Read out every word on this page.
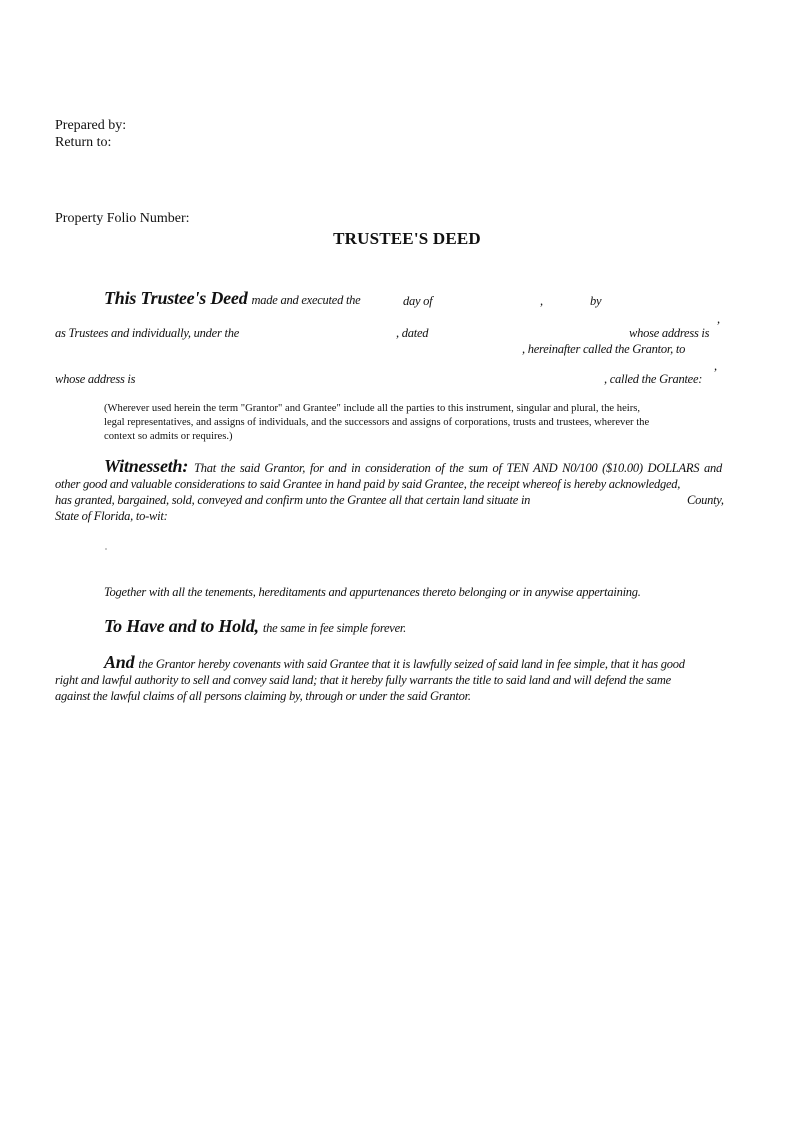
Prepared by:
Return to:
Property Folio Number:
TRUSTEE'S DEED
This Trustee's Deed made and executed the	day of	,	by
,
as Trustees and individually, under the	, dated	whose address is
, hereinafter called the Grantor, to
,
whose address is	, called the Grantee:
(Wherever used herein the term "Grantor" and Grantee" include all the parties to this instrument, singular and plural, the heirs,
legal representatives, and assigns of individuals, and the successors and assigns of corporations, trusts and trustees, wherever the
context so admits or requires.)
Witnesseth: That the said Grantor, for and in consideration of the sum of TEN AND N0/100 ($10.00) DOLLARS and
other good and valuable considerations to said Grantee in hand paid by said Grantee, the receipt whereof is hereby acknowledged,
has granted, bargained, sold, conveyed and confirm unto the Grantee all that certain land situate in	County,
State of Florida, to-wit:
Together with all the tenements, hereditaments and appurtenances thereto belonging or in anywise appertaining.
To Have and to Hold, the same in fee simple forever.
And the Grantor hereby covenants with said Grantee that it is lawfully seized of said land in fee simple, that it has good
right and lawful authority to sell and convey said land; that it hereby fully warrants the title to said land and will defend the same
against the lawful claims of all persons claiming by, through or under the said Grantor.
